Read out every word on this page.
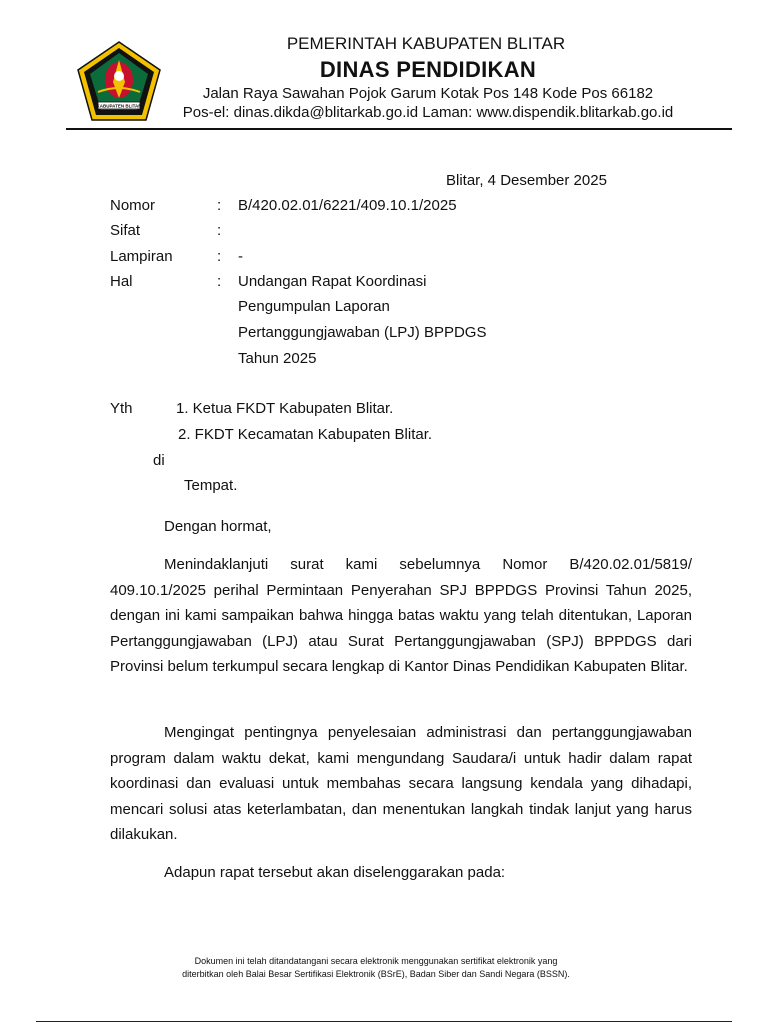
KABUPATEN BLITAR
PEMERINTAH KABUPATEN BLITAR
DINAS PENDIDIKAN
Jalan Raya Sawahan Pojok Garum Kotak Pos 148 Kode Pos 66182
Pos-el: dinas.dikda@blitarkab.go.id Laman: www.dispendik.blitarkab.go.id
Blitar, 4 Desember 2025
Nomor	: B/420.02.01/6221/409.10.1/2025
Sifat	:
Lampiran	: -
Hal	: Undangan Rapat Koordinasi
Pengumpulan Laporan
Pertanggungjawaban (LPJ) BPPDGS
Tahun 2025
Yth	1. Ketua FKDT Kabupaten Blitar.
2. FKDT Kecamatan Kabupaten Blitar.
di
Tempat.
Dengan hormat,
Menindaklanjuti surat kami sebelumnya Nomor B/420.02.01/5819/ 409.10.1/2025 perihal Permintaan Penyerahan SPJ BPPDGS Provinsi Tahun 2025, dengan ini kami sampaikan bahwa hingga batas waktu yang telah ditentukan, Laporan Pertanggungjawaban (LPJ) atau Surat Pertanggungjawaban (SPJ) BPPDGS dari Provinsi belum terkumpul secara lengkap di Kantor Dinas Pendidikan Kabupaten Blitar.
Mengingat pentingnya penyelesaian administrasi dan pertanggungjawaban program dalam waktu dekat, kami mengundang Saudara/i untuk hadir dalam rapat koordinasi dan evaluasi untuk membahas secara langsung kendala yang dihadapi, mencari solusi atas keterlambatan, dan menentukan langkah tindak lanjut yang harus dilakukan.
Adapun rapat tersebut akan diselenggarakan pada:
Dokumen ini telah ditandatangani secara elektronik menggunakan sertifikat elektronik yang
diterbitkan oleh Balai Besar Sertifikasi Elektronik (BSrE), Badan Siber dan Sandi Negara (BSSN).
